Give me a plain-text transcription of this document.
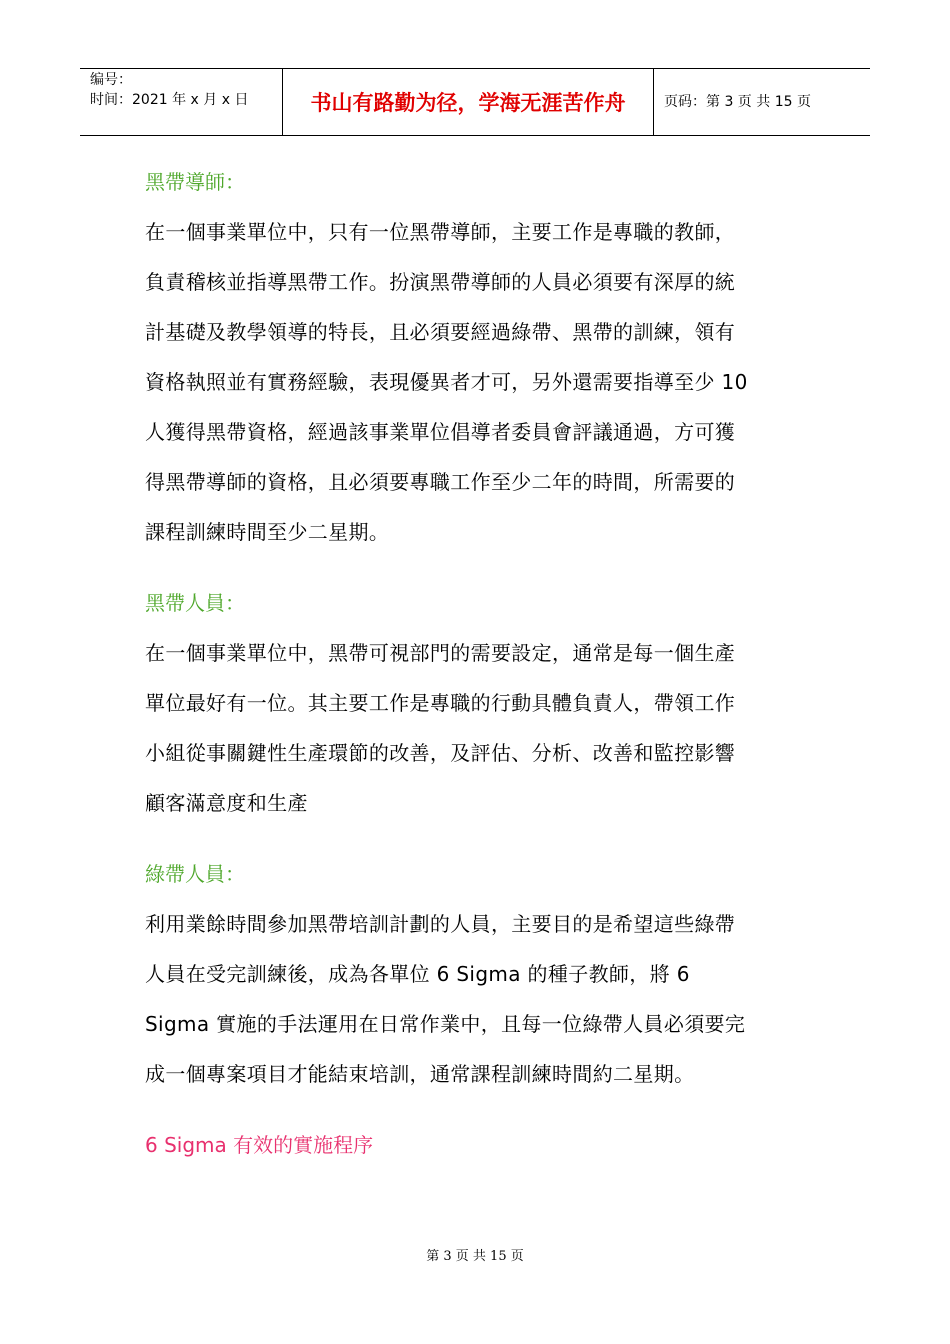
编号：
时间：2021 年 x 月 x 日	书山有路勤为径，学海无涯苦作舟	页码：第 3 页 共 15 页
黑帶導師：
在一個事業單位中，只有一位黑帶導師，主要工作是專職的教師，
負責稽核並指導黑帶工作。扮演黑帶導師的人員必須要有深厚的統
計基礎及教學領導的特長，且必須要經過綠帶、黑帶的訓練，領有
資格執照並有實務經驗，表現優異者才可，另外還需要指導至少 10
人獲得黑帶資格，經過該事業單位倡導者委員會評議通過，方可獲
得黑帶導師的資格，且必須要專職工作至少二年的時間，所需要的
課程訓練時間至少二星期。
黑帶人員：
在一個事業單位中，黑帶可視部門的需要設定，通常是每一個生產
單位最好有一位。其主要工作是專職的行動具體負責人，帶領工作
小組從事關鍵性生產環節的改善，及評估、分析、改善和監控影響
顧客滿意度和生產
綠帶人員：
利用業餘時間參加黑帶培訓計劃的人員，主要目的是希望這些綠帶
人員在受完訓練後，成為各單位 6 Sigma 的種子教師，將 6
Sigma 實施的手法運用在日常作業中，且每一位綠帶人員必須要完
成一個專案項目才能結束培訓，通常課程訓練時間約二星期。
6 Sigma 有效的實施程序
第 3 页 共 15 页
